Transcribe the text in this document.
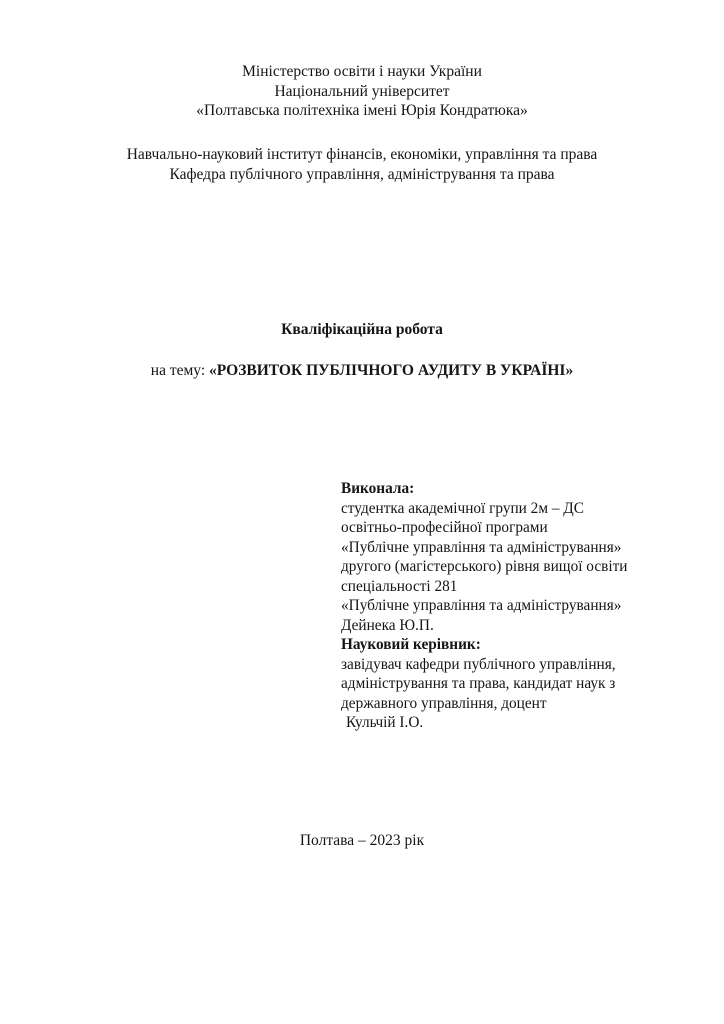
Міністерство освіти і науки України
Національний університет
«Полтавська політехніка імені Юрія Кондратюка»
Навчально-науковий інститут фінансів, економіки, управління та права
Кафедра публічного управління, адміністрування та права
Кваліфікаційна робота
на тему: «РОЗВИТОК ПУБЛІЧНОГО АУДИТУ В УКРАЇНІ»
Виконала:
студентка академічної групи 2м – ДС
освітньо-професійної програми
«Публічне управління та адміністрування»
другого (магістерського) рівня вищої освіти
спеціальності 281
«Публічне управління та адміністрування»
Дейнека Ю.П.
Науковий керівник:
завідувач кафедри публічного управління,
адміністрування та права, кандидат наук з
державного управління, доцент
Кульчій І.О.
Полтава – 2023 рік
